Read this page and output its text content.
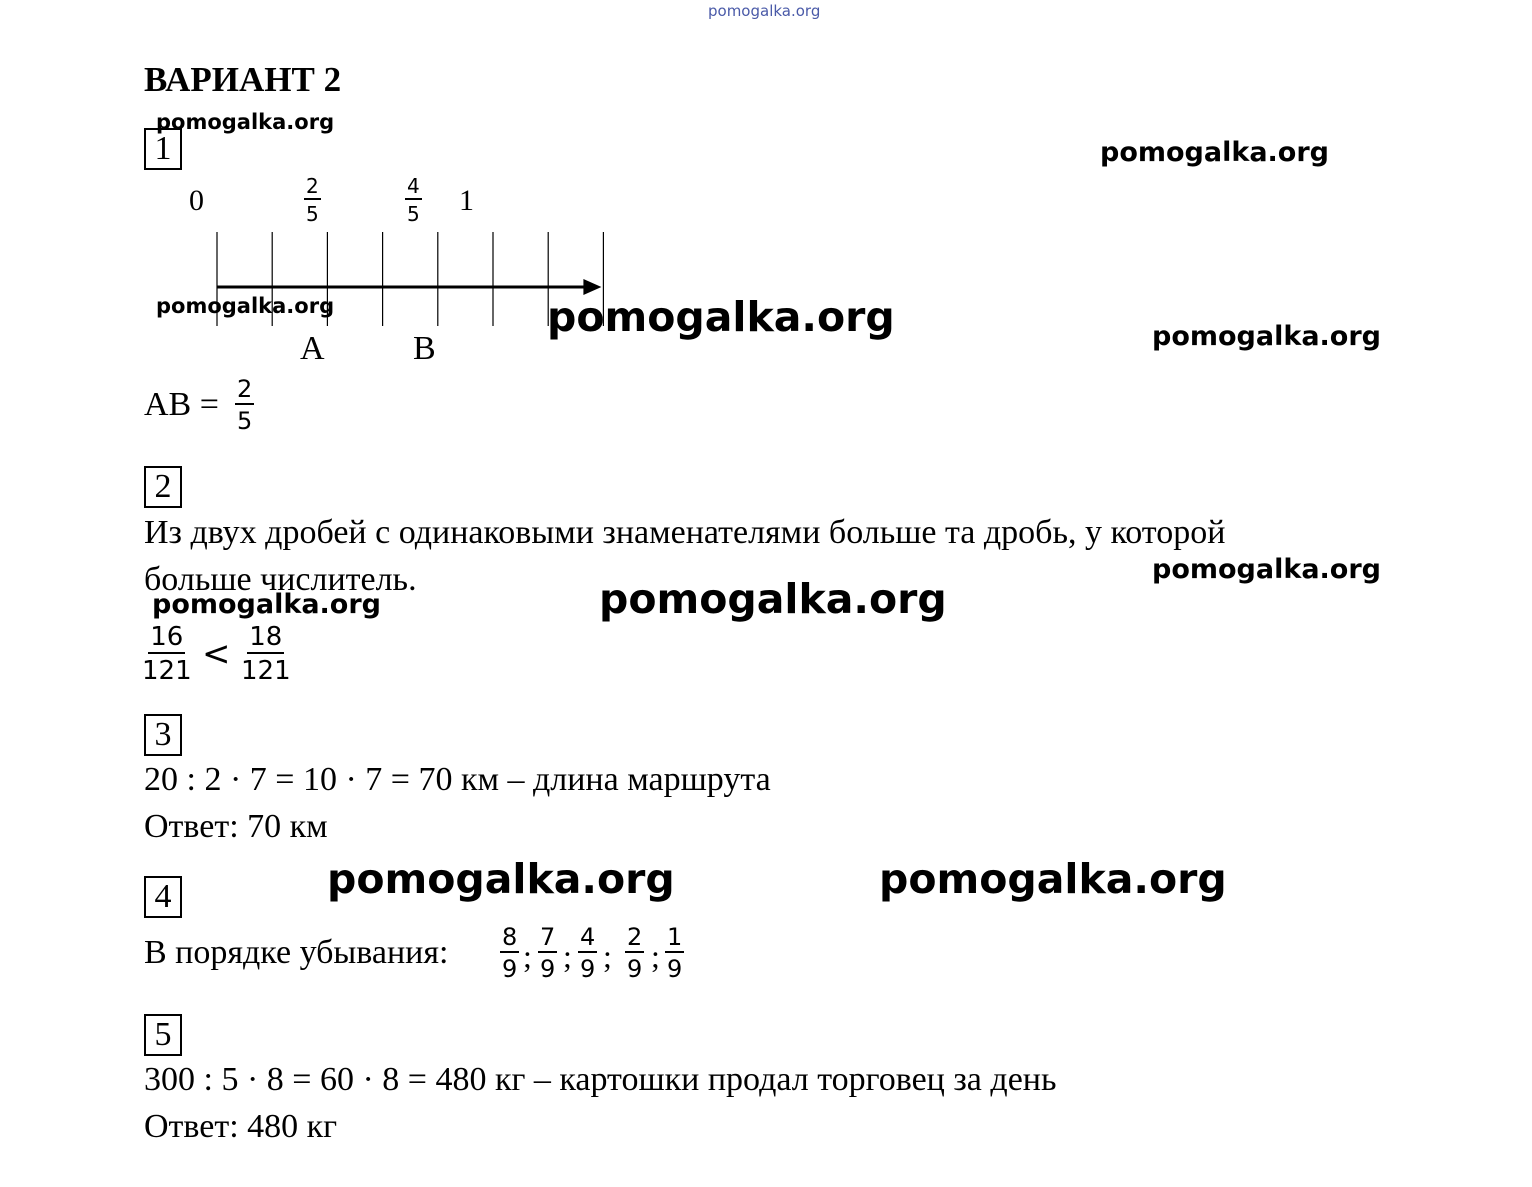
pomogalka.org
ВАРИАНТ 2
1
0	$\frac{2}{5}$	$\frac{4}{5} 1$
A	B
AB = $\frac{2}{5}$
2
Из двух дробей с одинаковыми знаменателями больше та дробь, у которой
больше числитель.
$\frac{16}{121} < \frac{18}{121}$
3
20 : 2 · 7 = 10 · 7 = 70 км – длина маршрута
Ответ: 70 км
4
В порядке убывания: $\frac{8}{9}$ ; $\frac{7}{9}$ ; $\frac{4}{9}$ ; $\frac{2}{9}$ ; $\frac{1}{9}$
5
300 : 5 · 8 = 60 · 8 = 480 кг – картошки продал торговец за день
Ответ: 480 кг
pomogalka.org
pomogalka.org
pomogalka.org	pomogalka.org	pomogalka.org
pomogalka.org
pomogalka.org	pomogalka.org
pomogalka.org	pomogalka.org
